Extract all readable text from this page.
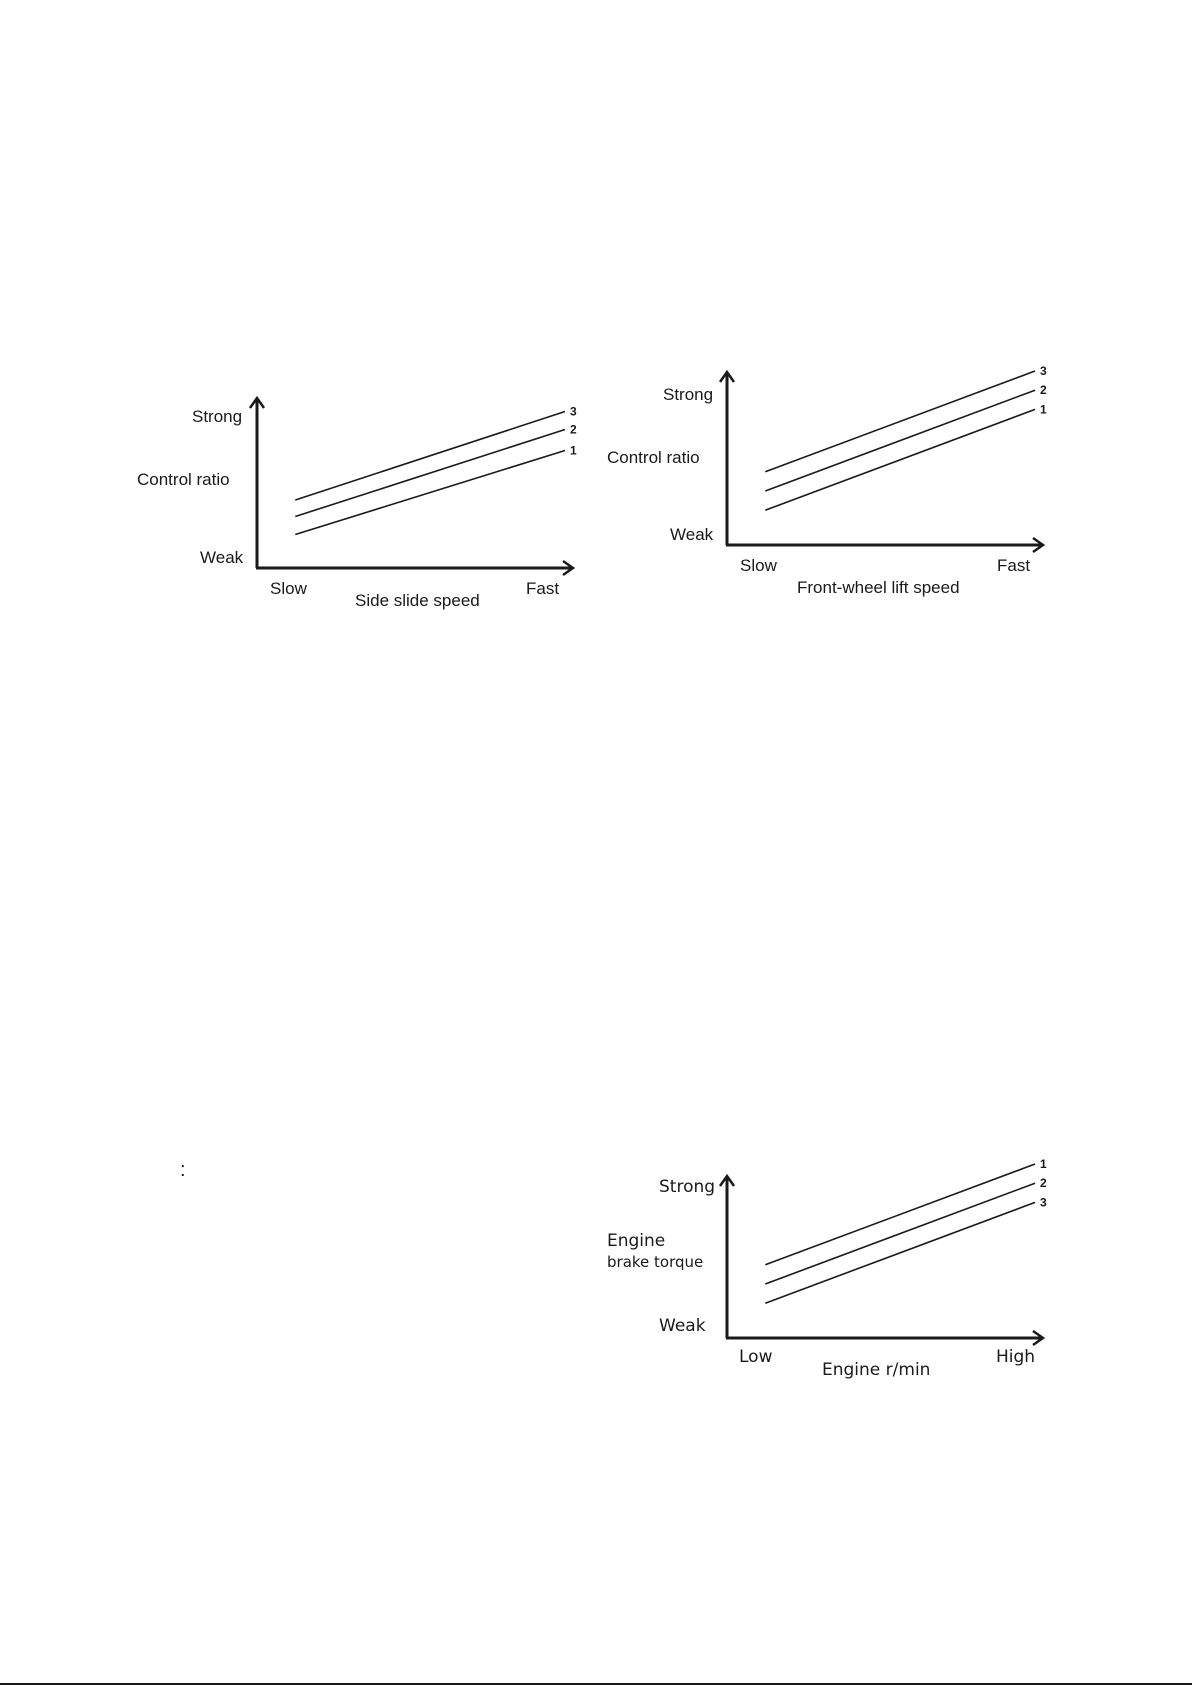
1
2
3
Strong
Control ratio
Weak
Slow	Fast
Side slide speed
1
2
3
Strong
Control ratio
Weak
Slow	Fast
Front-wheel lift speed
:	1
2
3
Strong
Engine
brake torque
Weak
Low	High
Engine r/min
